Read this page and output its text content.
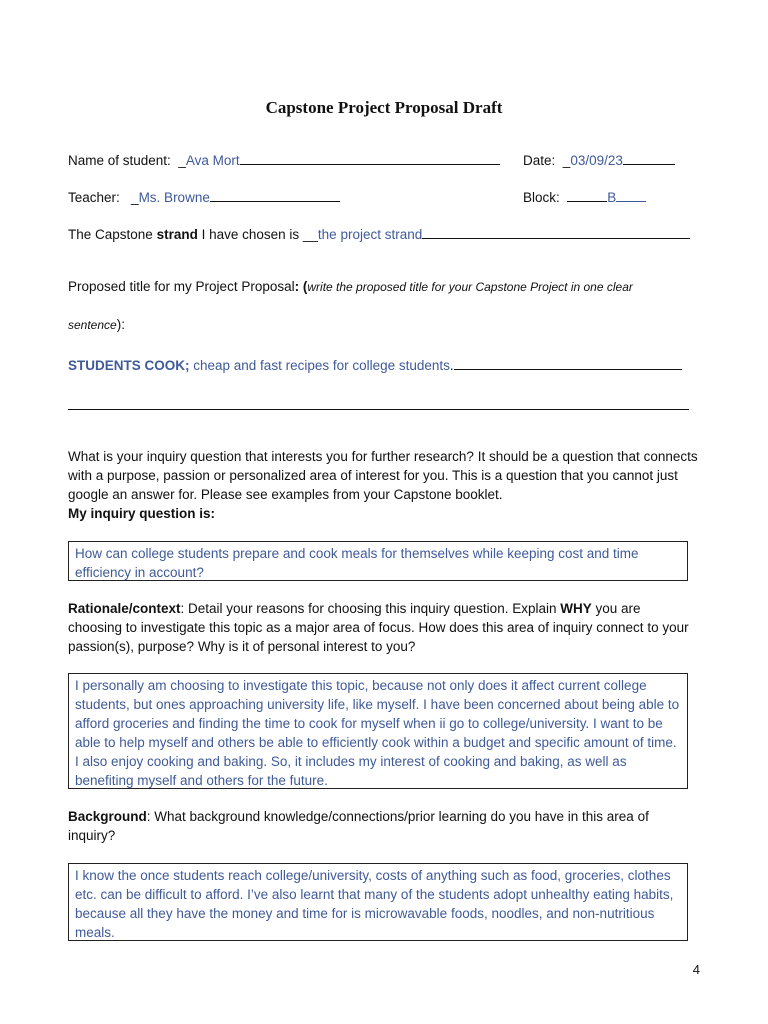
Capstone Project Proposal Draft
Name of student:  _Ava Mort	Date:  _03/09/23
Teacher:   _Ms. Browne	Block:	B
The Capstone strand I have chosen is __the project strand
Proposed title for my Project Proposal: (write the proposed title for your Capstone Project in one clear
sentence):
STUDENTS COOK; cheap and fast recipes for college students.
What is your inquiry question that interests you for further research? It should be a question that connects with a purpose, passion or personalized area of interest for you. This is a question that you cannot just google an answer for. Please see examples from your Capstone booklet.
My inquiry question is:
How can college students prepare and cook meals for themselves while keeping cost and time efficiency in account?
Rationale/context: Detail your reasons for choosing this inquiry question. Explain WHY you are choosing to investigate this topic as a major area of focus. How does this area of inquiry connect to your passion(s), purpose? Why is it of personal interest to you?
I personally am choosing to investigate this topic, because not only does it affect current college students, but ones approaching university life, like myself. I have been concerned about being able to afford groceries and finding the time to cook for myself when ii go to college/university. I want to be able to help myself and others be able to efficiently cook within a budget and specific amount of time. I also enjoy cooking and baking. So, it includes my interest of cooking and baking, as well as benefiting myself and others for the future.
Background: What background knowledge/connections/prior learning do you have in this area of inquiry?
I know the once students reach college/university, costs of anything such as food, groceries, clothes etc. can be difficult to afford. I’ve also learnt that many of the students adopt unhealthy eating habits, because all they have the money and time for is microwavable foods, noodles, and non-nutritious meals.
4
